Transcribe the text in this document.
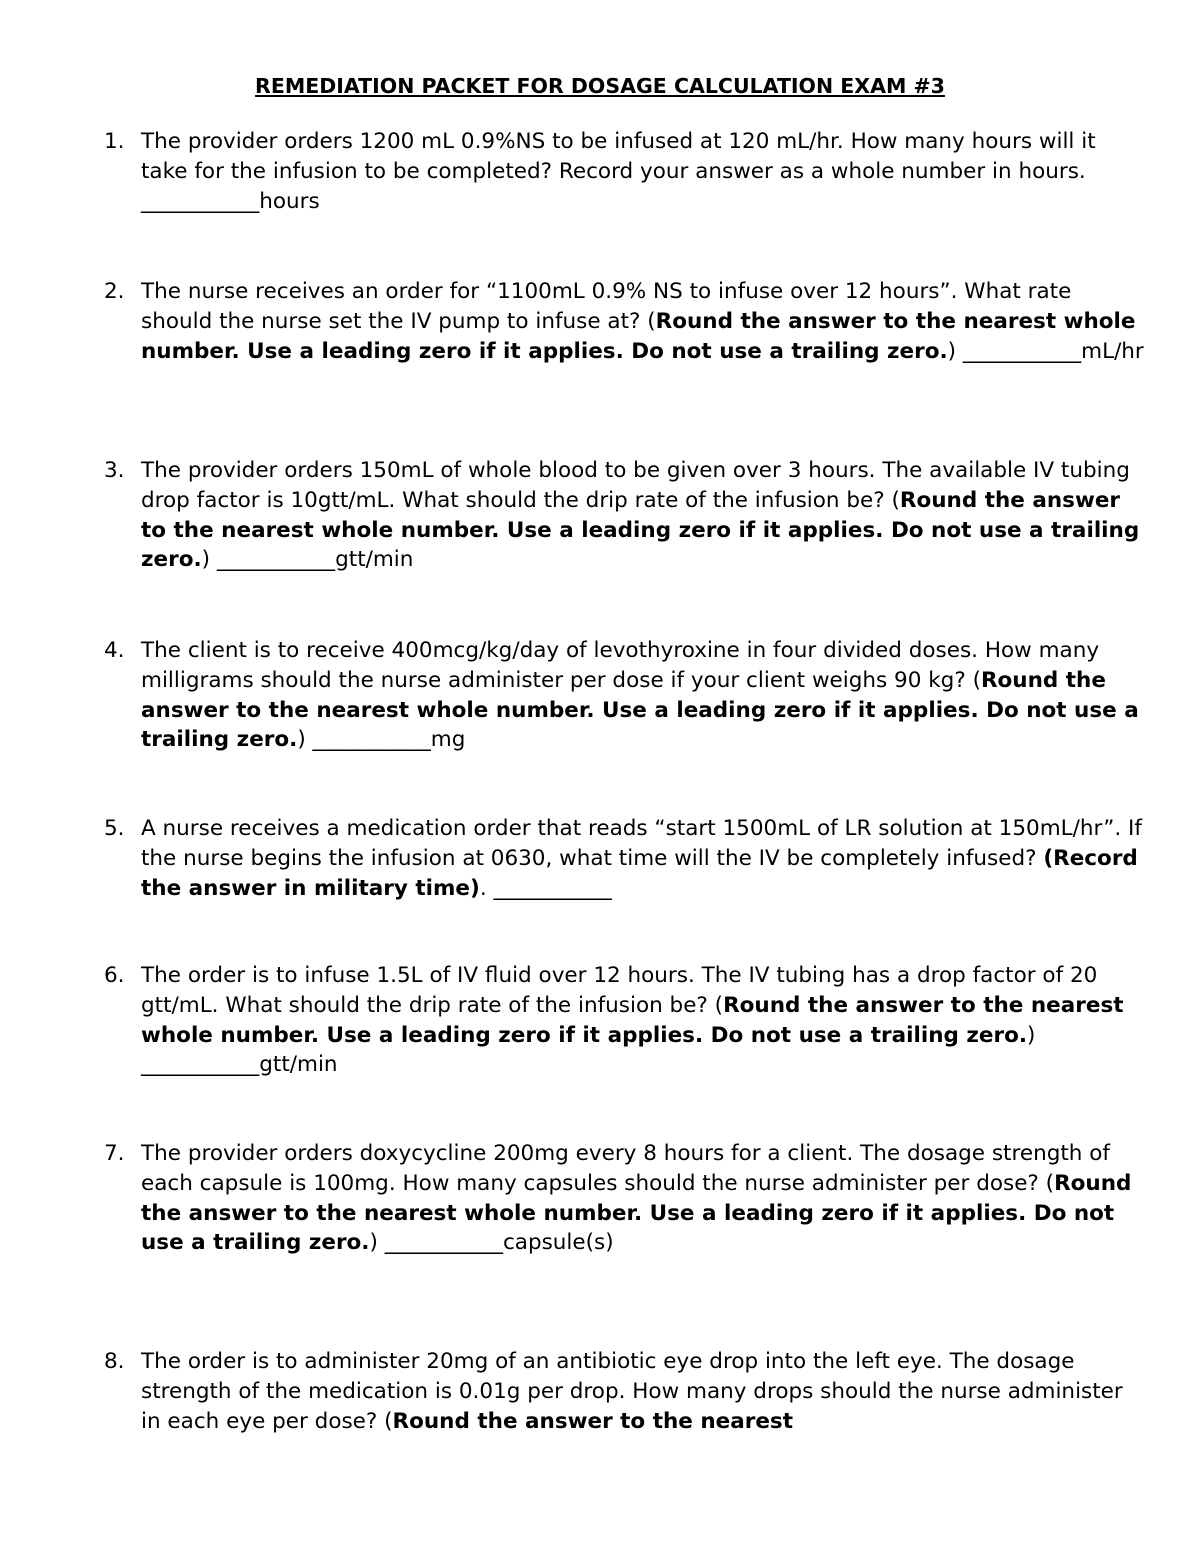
REMEDIATION PACKET FOR DOSAGE CALCULATION EXAM #3
1. The provider orders 1200 mL 0.9%NS to be infused at 120 mL/hr. How many hours will it take for the infusion to be completed? Record your answer as a whole number in hours. ___________hours
2. The nurse receives an order for “1100mL 0.9% NS to infuse over 12 hours”. What rate should the nurse set the IV pump to infuse at? (Round the answer to the nearest whole number. Use a leading zero if it applies. Do not use a trailing zero.) ___________mL/hr
3. The provider orders 150mL of whole blood to be given over 3 hours. The available IV tubing drop factor is 10gtt/mL. What should the drip rate of the infusion be? (Round the answer to the nearest whole number. Use a leading zero if it applies. Do not use a trailing zero.) ___________gtt/min
4. The client is to receive 400mcg/kg/day of levothyroxine in four divided doses. How many milligrams should the nurse administer per dose if your client weighs 90 kg? (Round the answer to the nearest whole number. Use a leading zero if it applies. Do not use a trailing zero.) ___________mg
5. A nurse receives a medication order that reads “start 1500mL of LR solution at 150mL/hr”. If the nurse begins the infusion at 0630, what time will the IV be completely infused? (Record the answer in military time). ___________
6. The order is to infuse 1.5L of IV fluid over 12 hours. The IV tubing has a drop factor of 20 gtt/mL. What should the drip rate of the infusion be? (Round the answer to the nearest whole number. Use a leading zero if it applies. Do not use a trailing zero.) ___________gtt/min
7. The provider orders doxycycline 200mg every 8 hours for a client. The dosage strength of each capsule is 100mg. How many capsules should the nurse administer per dose? (Round the answer to the nearest whole number. Use a leading zero if it applies. Do not use a trailing zero.) ___________capsule(s)
8. The order is to administer 20mg of an antibiotic eye drop into the left eye. The dosage strength of the medication is 0.01g per drop. How many drops should the nurse administer in each eye per dose? (Round the answer to the nearest
